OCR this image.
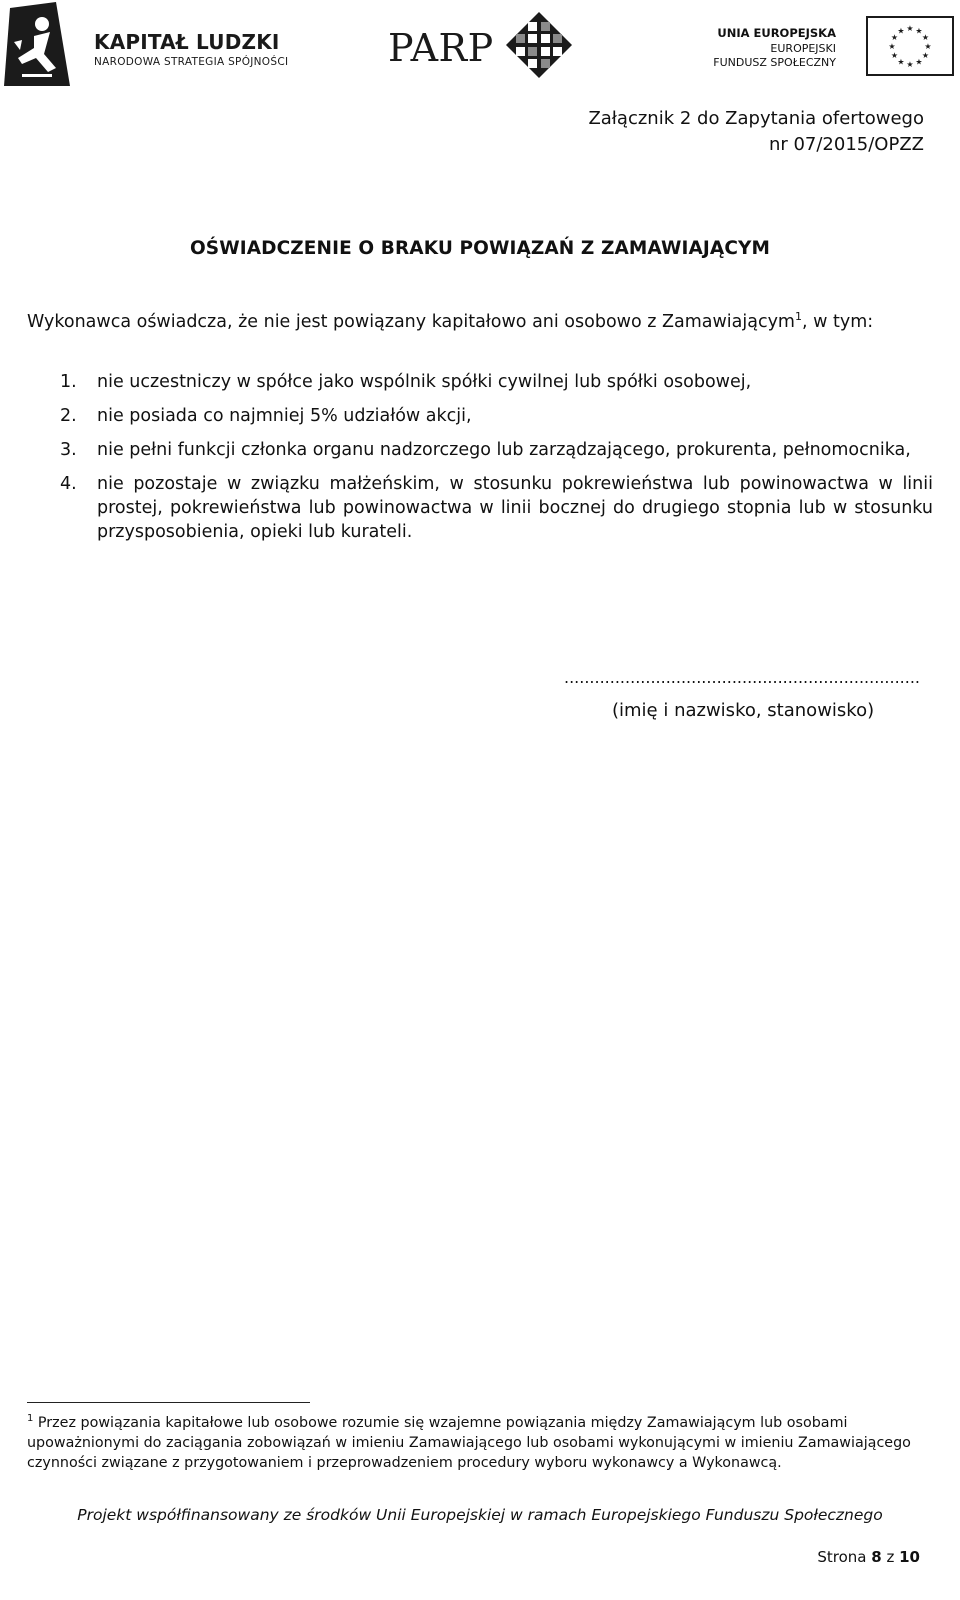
KAPITAŁ LUDZKI
NARODOWA STRATEGIA SPÓJNOŚCI	PARP	UNIA EUROPEJSKA
EUROPEJSKI
FUNDUSZ SPOŁECZNY
★ ★
★
★
★
★
★
★
★
★
★
★
Załącznik 2 do Zapytania ofertowego
nr 07/2015/OPZZ
OŚWIADCZENIE O BRAKU POWIĄZAŃ Z ZAMAWIAJĄCYM
Wykonawca oświadcza, że nie jest powiązany kapitałowo ani osobowo z Zamawiającym$^1$, w tym:
1. nie uczestniczy w spółce jako wspólnik spółki cywilnej lub spółki osobowej,
2. nie posiada co najmniej 5% udziałów akcji,
3. nie pełni funkcji członka organu nadzorczego lub zarządzającego, prokurenta, pełnomocnika,
4. nie pozostaje w związku małżeńskim, w stosunku pokrewieństwa lub powinowactwa w linii prostej, pokrewieństwa lub powinowactwa w linii bocznej do drugiego stopnia lub w stosunku przysposobienia, opieki lub kurateli.
......................................................................
(imię i nazwisko, stanowisko)
$^1$ Przez powiązania kapitałowe lub osobowe rozumie się wzajemne powiązania między Zamawiającym lub osobami upoważnionymi do zaciągania zobowiązań w imieniu Zamawiającego lub osobami wykonującymi w imieniu Zamawiającego czynności związane z przygotowaniem i przeprowadzeniem procedury wyboru wykonawcy a Wykonawcą.
Projekt współfinansowany ze środków Unii Europejskiej w ramach Europejskiego Funduszu Społecznego
Strona 8 z 10
